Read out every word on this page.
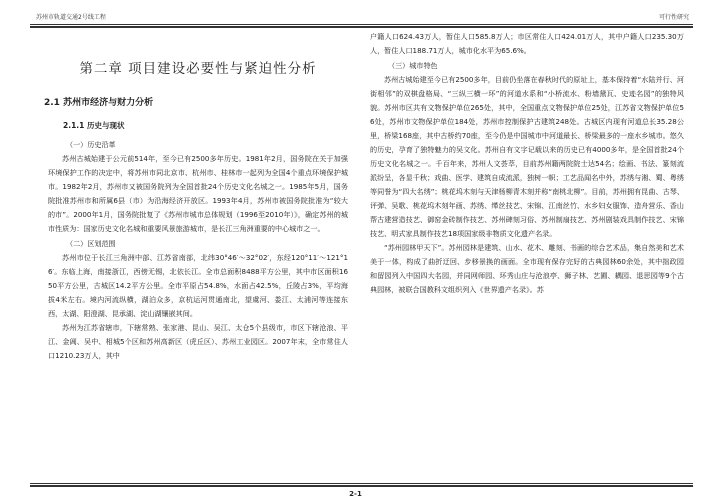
苏州市轨道交通2号线工程	可行性研究
第二章 项目建设必要性与紧迫性分析
2.1 苏州市经济与财力分析
2.1.1 历史与现状
（一）历史沿革

苏州古城始建于公元前514年，至今已有2500多年历史。1981年2月，国务院在关于加强环境保护工作的决定中，将苏州市同北京市、杭州市、桂林市一起列为全国4个重点环境保护城市。1982年2月，苏州市又被国务院列为全国首批24个历史文化名城之一。1985年5月，国务院批准苏州市和所属6县（市）为沿海经济开放区。1993年4月，苏州市被国务院批准为“较大的市”。2000年1月，国务院批复了《苏州市城市总体规划（1996至2010年）》，确定苏州的城市性质为：国家历史文化名城和重要风景旅游城市，是长江三角洲重要的中心城市之一。

（二）区划范围

苏州市位于长江三角洲中部、江苏省南部，北纬30°46′～32°02′，东经120°11′～121°16′。东临上海，南接浙江，西傍无锡，北依长江。全市总面积8488平方公里，其中市区面积1650平方公里，古城区14.2平方公里。全市平原占54.8%，水面占42.5%，丘陵占3%，平均海拔4米左右。境内河流纵横，湖泊众多，京杭运河贯通南北，望虞河、娄江、太浦河等连接东西，太湖、阳澄湖、昆承湖、淀山湖镶嵌其间。

苏州为江苏省辖市，下辖常熟、张家港、昆山、吴江、太仓5个县级市，市区下辖沧浪、平江、金阊、吴中、相城5个区和苏州高新区（虎丘区）、苏州工业园区。2007年末，全市常住人口1210.23万人，其中

户籍人口624.43万人，暂住人口585.8万人；市区常住人口424.01万人，其中户籍人口235.30万人，暂住人口188.71万人，城市化水平为65.6%。

（三）城市特色

苏州古城始建至今已有2500多年，目前仍坐落在春秋时代的原址上，基本保持着“水陆并行、河街相邻”的双棋盘格局、“三纵三横一环”的河道水系和“小桥流水、粉墙黛瓦、史迹名园”的独特风貌。苏州市区共有文物保护单位265处，其中，全国重点文物保护单位25处，江苏省文物保护单位56处，苏州市文物保护单位184处，苏州市控制保护古建筑248处。古城区内现有河道总长35.28公里，桥梁168座，其中古桥约70座，至今仍是中国城市中河道最长、桥梁最多的一座水乡城市。悠久的历史，孕育了独特魅力的吴文化。苏州自有文字记载以来的历史已有4000多年，是全国首批24个历史文化名城之一。千百年来，苏州人文荟萃，目前苏州籍两院院士达54名；绘画、书法、篆刻流派纷呈，各显千秋；戏曲、医学、建筑自成流派，独树一帜；工艺品闻名中外，苏绣与湘、蜀、粤绣等同誉为“四大名绣”；桃花坞木刻与天津杨柳青木刻并称“南桃北柳”。目前，苏州拥有昆曲、古琴、评弹、吴歌、桃花坞木刻年画、苏绣、缂丝技艺、宋锦、江南丝竹、水乡妇女服饰、造舟营乐、香山帮古建营造技艺、御窑金砖制作技艺、苏州碑刻习俗、苏州制扇技艺、苏州剧装戏具制作技艺、宋锦技艺、明式家具制作技艺18项国家级非物质文化遗产名录。

“苏州园林甲天下”。苏州园林是建筑、山水、花木、雕刻、书画的综合艺术品，集自然美和艺术美于一体，构成了曲折迂回、步移景换的画面。全市现有保存完好的古典园林60余处，其中拙政园和留园列入中国四大名园，并同网师园、环秀山庄与沧浪亭、狮子林、艺圃、耦园、退思园等9个古典园林，被联合国教科文组织列入《世界遗产名录》。苏

2-1
